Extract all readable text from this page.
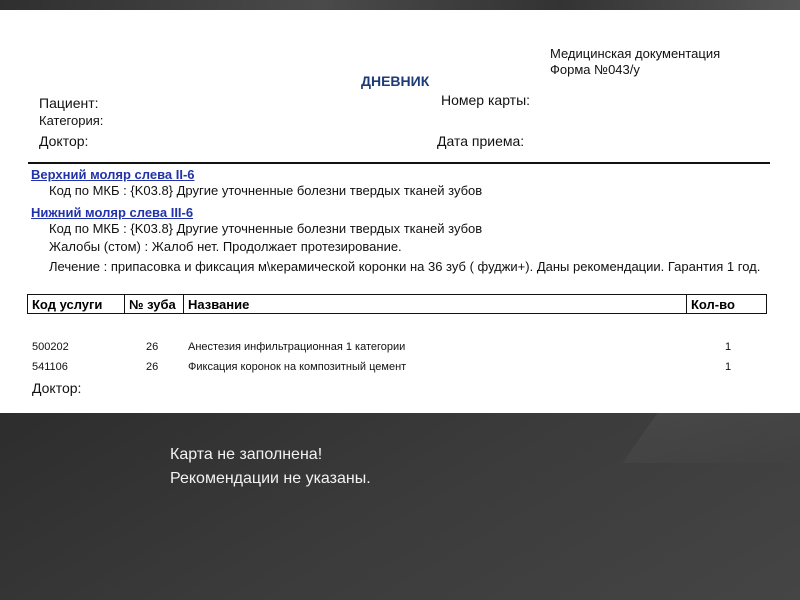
Медицинская документация
Форма №043/у
ДНЕВНИК
Пациент:
Категория:
Номер карты:
Доктор:	Дата приема:
Верхний моляр слева II-6
Код по МКБ : {K03.8} Другие уточненные болезни твердых тканей зубов
Нижний моляр слева III-6
Код по МКБ : {K03.8} Другие уточненные болезни твердых тканей зубов
Жалобы (стом) : Жалоб нет. Продолжает протезирование.
Лечение : припасовка и фиксация м\керамической коронки на 36 зуб ( фуджи+). Даны рекомендации. Гарантия 1 год.
Код услуги	№ зуба	Название	Кол-во
500202	26	Анестезия инфильтрационная 1 категории	1
541106	26	Фиксация коронок на композитный цемент	1
Доктор:
Карта не заполнена!
Рекомендации не указаны.
